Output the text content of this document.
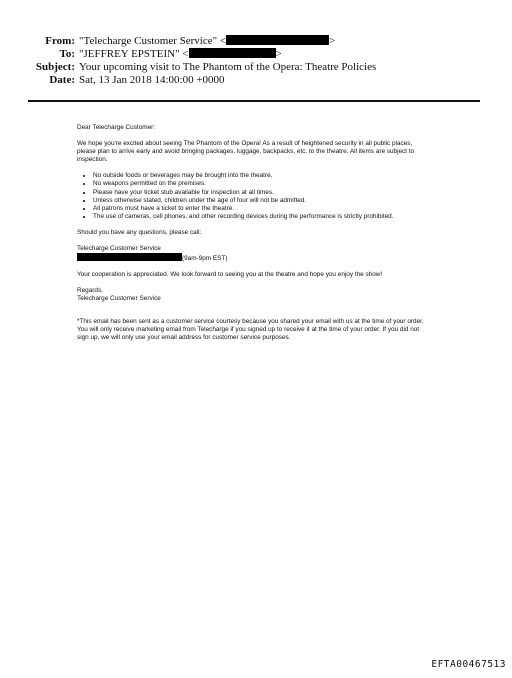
From: "Telecharge Customer Service" <	>
To: "JEFFREY EPSTEIN" <	>
Subject: Your upcoming visit to The Phantom of the Opera: Theatre Policies
Date: Sat, 13 Jan 2018 14:00:00 +0000

Dear Telecharge Customer:

We hope you're excited about seeing The Phantom of the Opera! As a result of heightened security in all public places, please plan to arrive early and avoid bringing packages, luggage, backpacks, etc. to the theatre. All items are subject to inspection.

• No outside foods or beverages may be brought into the theatre.
• No weapons permitted on the premises.
• Please have your ticket stub available for inspection at all times.
• Unless otherwise stated, children under the age of four will not be admitted.
• All patrons must have a ticket to enter the theatre.
• The use of cameras, cell phones, and other recording devices during the performance is strictly prohibited.

Should you have any questions, please call:

Telecharge Customer Service
(9am-9pm EST)

Your cooperation is appreciated. We look forward to seeing you at the theatre and hope you enjoy the show!

Regards,
Telecharge Customer Service

*This email has been sent as a customer service courtesy because you shared your email with us at the time of your order. You will only receive marketing email from Telecharge if you signed up to receive it at the time of your order. If you did not sign up, we will only use your email address for customer service purposes.

EFTA00467513
